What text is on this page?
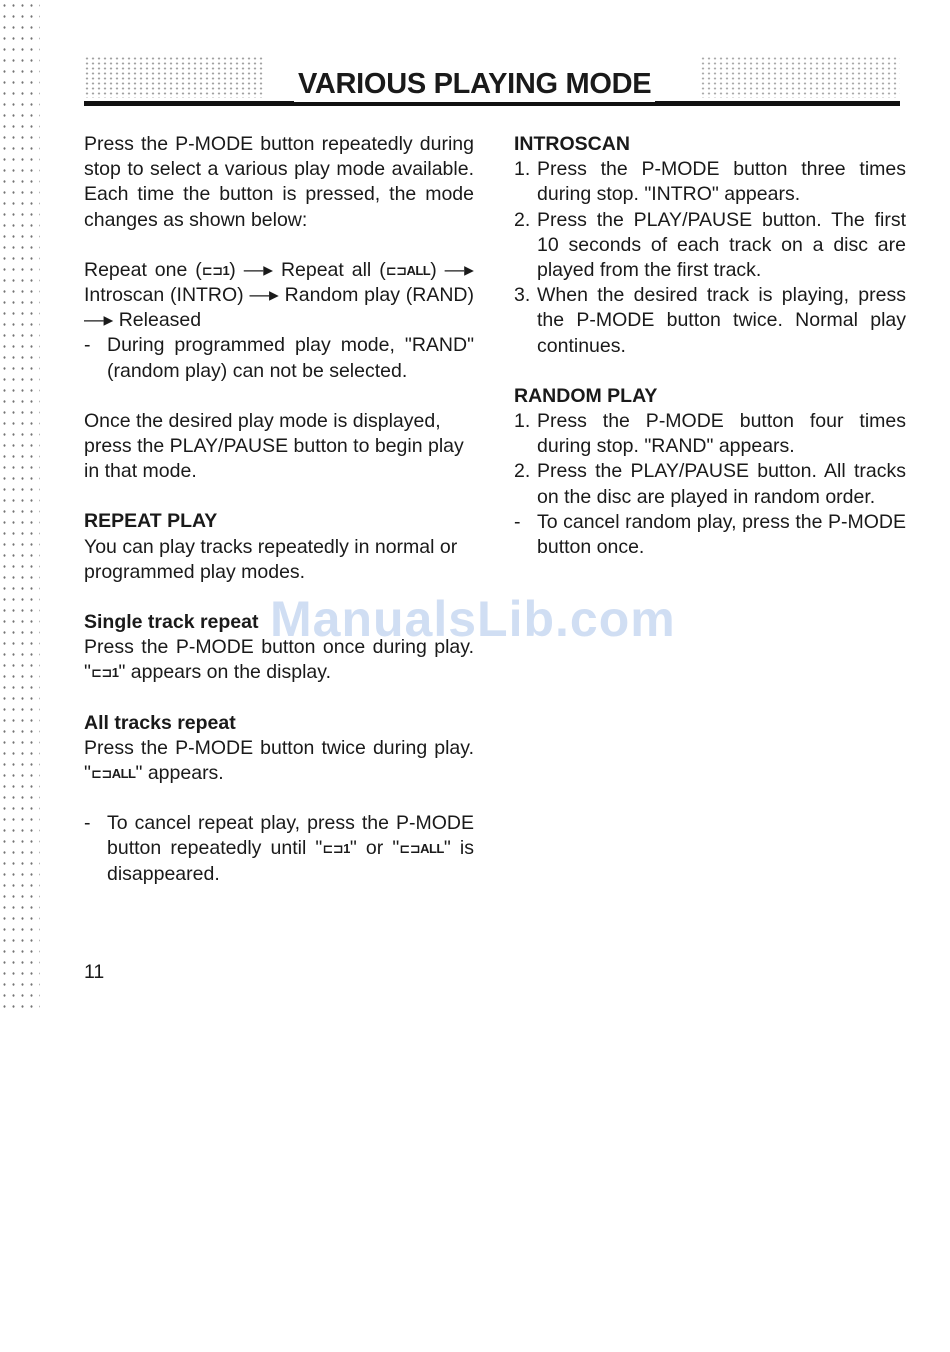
VARIOUS PLAYING MODE

Press the P-MODE button repeatedly during stop to select a various play mode available. Each time the button is pressed, the mode changes as shown below:

Repeat one (⊏⊐1) —▸ Repeat all (⊏⊐ALL) —▸ Introscan (INTRO) —▸ Random play (RAND) —▸ Released

- During programmed play mode, "RAND" (random play) can not be selected.

Once the desired play mode is displayed, press the PLAY/PAUSE button to begin play in that mode.

REPEAT PLAY

You can play tracks repeatedly in normal or programmed play modes.

Single track repeat

Press the P-MODE button once during play. "⊏⊐1" appears on the display.

All tracks repeat

Press the P-MODE button twice during play. "⊏⊐ALL" appears.

- To cancel repeat play, press the P-MODE button repeatedly until "⊏⊐1" or "⊏⊐ALL" is disappeared.

INTROSCAN

1. Press the P-MODE button three times during stop. "INTRO" appears.
2. Press the PLAY/PAUSE button. The first 10 seconds of each track on a disc are played from the first track.
3. When the desired track is playing, press the P-MODE button twice. Normal play continues.

RANDOM PLAY

1. Press the P-MODE button four times during stop. "RAND" appears.
2. Press the PLAY/PAUSE button. All tracks on the disc are played in random order.
- To cancel random play, press the P-MODE button once.
11
ManualsLib.com
